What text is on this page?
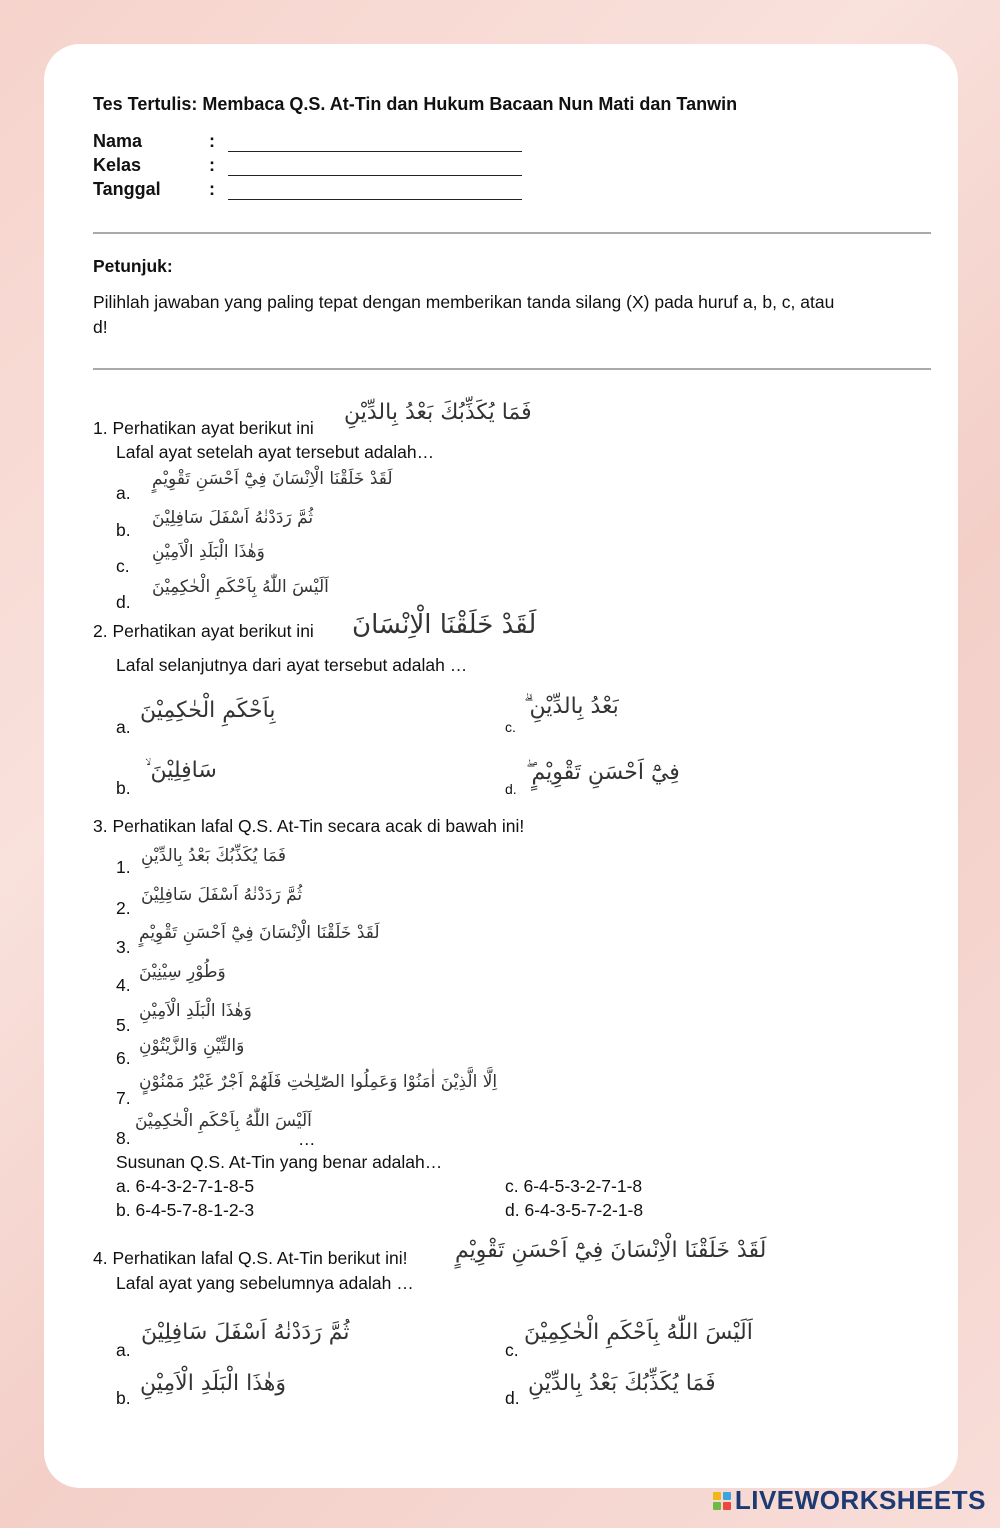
Tes Tertulis: Membaca Q.S. At-Tin dan Hukum Bacaan Nun Mati dan Tanwin
Nama	:
Kelas	:
Tanggal	:
Petunjuk:
Pilihlah jawaban yang paling tepat dengan memberikan tanda silang (X) pada huruf a, b, c, atau
d!
1. Perhatikan ayat berikut ini
فَمَا يُكَذِّبُكَ بَعْدُ بِالدِّيْنِ
Lafal ayat setelah ayat tersebut adalah…
a.
لَقَدْ خَلَقْنَا الْاِنْسَانَ فِيْٓ اَحْسَنِ تَقْوِيْمٍ
b.
ثُمَّ رَدَدْنٰهُ اَسْفَلَ سَافِلِيْنَ
c.
وَهٰذَا الْبَلَدِ الْاَمِيْنِ
d.
اَلَيْسَ اللّٰهُ بِاَحْكَمِ الْحٰكِمِيْنَ
2. Perhatikan ayat berikut ini لَقَدْ خَلَقْنَا الْاِنْسَانَ
Lafal selanjutnya dari ayat tersebut adalah …
a.
بِاَحْكَمِ الْحٰكِمِيْنَ
c.
بَعْدُ بِالدِّيْنِ ۗ
b.
سَافِلِيْنَ ۙ
d.
فِيْٓ اَحْسَنِ تَقْوِيْمٍ ۖ
3. Perhatikan lafal Q.S. At-Tin secara acak di bawah ini!
1.
فَمَا يُكَذِّبُكَ بَعْدُ بِالدِّيْنِ
2.
ثُمَّ رَدَدْنٰهُ اَسْفَلَ سَافِلِيْنَ
3.
لَقَدْ خَلَقْنَا الْاِنْسَانَ فِيْٓ اَحْسَنِ تَقْوِيْمٍ
4.
وَطُوْرِ سِيْنِيْنَ
5.
وَهٰذَا الْبَلَدِ الْاَمِيْنِ
6.
وَالتِّيْنِ وَالزَّيْتُوْنِ
7.
اِلَّا الَّذِيْنَ اٰمَنُوْا وَعَمِلُوا الصّٰلِحٰتِ فَلَهُمْ اَجْرٌ غَيْرُ مَمْنُوْنٍ
8.
اَلَيْسَ اللّٰهُ بِاَحْكَمِ الْحٰكِمِيْنَ
…
Susunan Q.S. At-Tin yang benar adalah…
a. 6-4-3-2-7-1-8-5	c. 6-4-5-3-2-7-1-8
b. 6-4-5-7-8-1-2-3	d. 6-4-3-5-7-2-1-8
4. Perhatikan lafal Q.S. At-Tin berikut ini! لَقَدْ خَلَقْنَا الْاِنْسَانَ فِيْٓ اَحْسَنِ تَقْوِيْمٍ
Lafal ayat yang sebelumnya adalah …
a.
ثُمَّ رَدَدْنٰهُ اَسْفَلَ سَافِلِيْنَ
c.
اَلَيْسَ اللّٰهُ بِاَحْكَمِ الْحٰكِمِيْنَ
b.
وَهٰذَا الْبَلَدِ الْاَمِيْنِ
d.
فَمَا يُكَذِّبُكَ بَعْدُ بِالدِّيْنِ
LIVEWORKSHEETS
